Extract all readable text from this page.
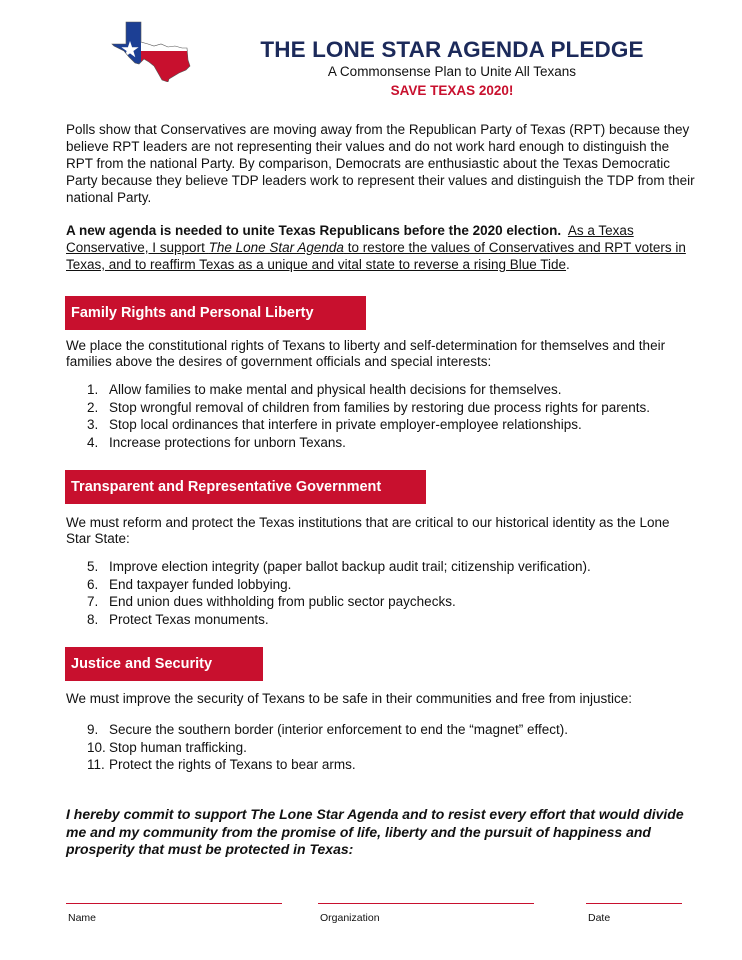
THE LONE STAR AGENDA PLEDGE
A Commonsense Plan to Unite All Texans
SAVE TEXAS 2020!
Polls show that Conservatives are moving away from the Republican Party of Texas (RPT) because they believe RPT leaders are not representing their values and do not work hard enough to distinguish the RPT from the national Party. By comparison, Democrats are enthusiastic about the Texas Democratic Party because they believe TDP leaders work to represent their values and distinguish the TDP from their national Party.
A new agenda is needed to unite Texas Republicans before the 2020 election. As a Texas Conservative, I support The Lone Star Agenda to restore the values of Conservatives and RPT voters in Texas, and to reaffirm Texas as a unique and vital state to reverse a rising Blue Tide.
Family Rights and Personal Liberty
We place the constitutional rights of Texans to liberty and self-determination for themselves and their families above the desires of government officials and special interests:
1. Allow families to make mental and physical health decisions for themselves.
2. Stop wrongful removal of children from families by restoring due process rights for parents.
3. Stop local ordinances that interfere in private employer-employee relationships.
4. Increase protections for unborn Texans.
Transparent and Representative Government
We must reform and protect the Texas institutions that are critical to our historical identity as the Lone Star State:
5. Improve election integrity (paper ballot backup audit trail; citizenship verification).
6. End taxpayer funded lobbying.
7. End union dues withholding from public sector paychecks.
8. Protect Texas monuments.
Justice and Security
We must improve the security of Texans to be safe in their communities and free from injustice:
9. Secure the southern border (interior enforcement to end the “magnet” effect).
10. Stop human trafficking.
11. Protect the rights of Texans to bear arms.
I hereby commit to support The Lone Star Agenda and to resist every effort that would divide me and my community from the promise of life, liberty and the pursuit of happiness and prosperity that must be protected in Texas:
Name	Organization	Date
